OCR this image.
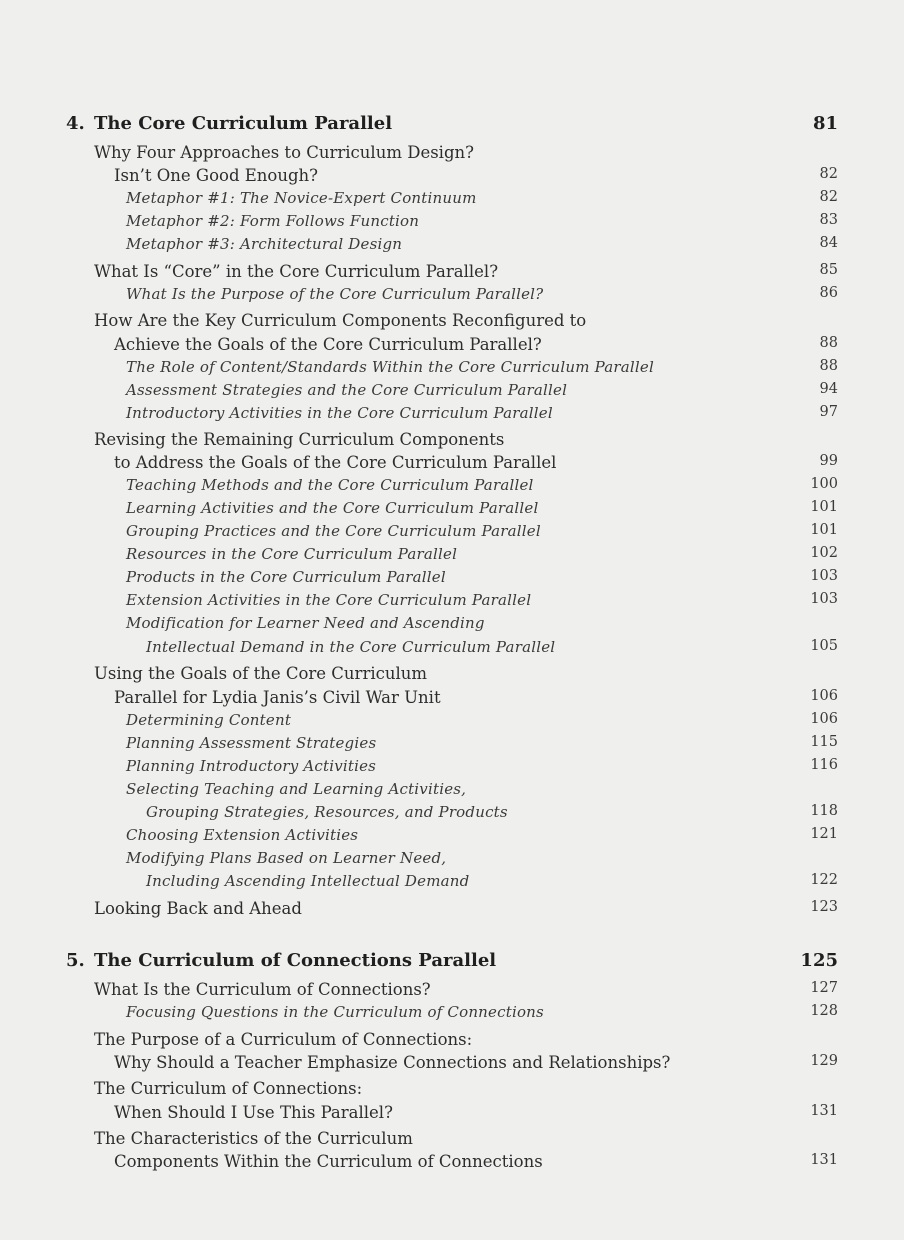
4. The Core Curriculum Parallel	81
Why Four Approaches to Curriculum Design?
Isn’t One Good Enough?	82
Metaphor #1: The Novice-Expert Continuum	82
Metaphor #2: Form Follows Function	83
Metaphor #3: Architectural Design	84
What Is “Core” in the Core Curriculum Parallel?	85
What Is the Purpose of the Core Curriculum Parallel?	86
How Are the Key Curriculum Components Reconfigured to
Achieve the Goals of the Core Curriculum Parallel?	88
The Role of Content/Standards Within the Core Curriculum Parallel	88
Assessment Strategies and the Core Curriculum Parallel	94
Introductory Activities in the Core Curriculum Parallel	97
Revising the Remaining Curriculum Components
to Address the Goals of the Core Curriculum Parallel	99
Teaching Methods and the Core Curriculum Parallel	100
Learning Activities and the Core Curriculum Parallel	101
Grouping Practices and the Core Curriculum Parallel	101
Resources in the Core Curriculum Parallel	102
Products in the Core Curriculum Parallel	103
Extension Activities in the Core Curriculum Parallel	103
Modification for Learner Need and Ascending
Intellectual Demand in the Core Curriculum Parallel	105
Using the Goals of the Core Curriculum
Parallel for Lydia Janis’s Civil War Unit	106
Determining Content	106
Planning Assessment Strategies	115
Planning Introductory Activities	116
Selecting Teaching and Learning Activities,
Grouping Strategies, Resources, and Products	118
Choosing Extension Activities	121
Modifying Plans Based on Learner Need,
Including Ascending Intellectual Demand	122
Looking Back and Ahead	123
5. The Curriculum of Connections Parallel	125
What Is the Curriculum of Connections?	127
Focusing Questions in the Curriculum of Connections	128
The Purpose of a Curriculum of Connections:
Why Should a Teacher Emphasize Connections and Relationships?	129
The Curriculum of Connections:
When Should I Use This Parallel?	131
The Characteristics of the Curriculum
Components Within the Curriculum of Connections	131
